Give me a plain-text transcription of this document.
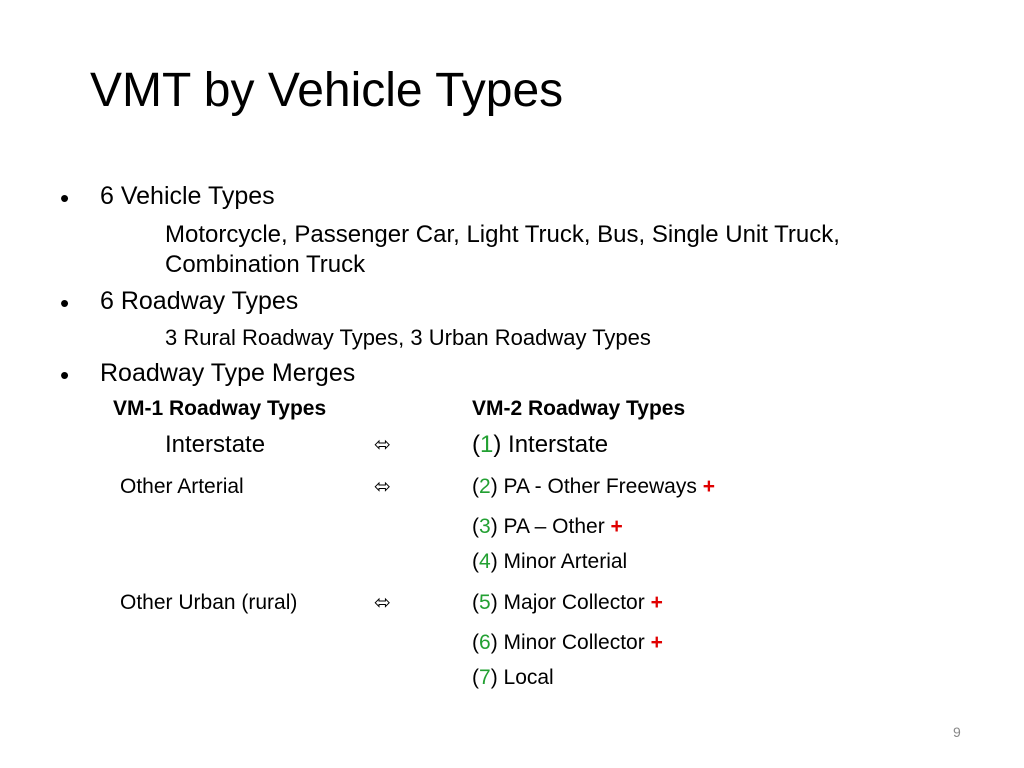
VMT by Vehicle Types
• 6 Vehicle Types
Motorcycle, Passenger Car, Light Truck, Bus, Single Unit Truck,
Combination Truck
• 6 Roadway Types
3 Rural Roadway Types, 3 Urban Roadway Types
• Roadway Type Merges
VM-1 Roadway Types	VM-2 Roadway Types
Interstate	⬄	(1) Interstate
Other Arterial	⬄	(2) PA - Other Freeways +
(3) PA – Other +
(4) Minor Arterial
Other Urban (rural)	⬄	(5) Major Collector +
(6) Minor Collector +
(7) Local
9
